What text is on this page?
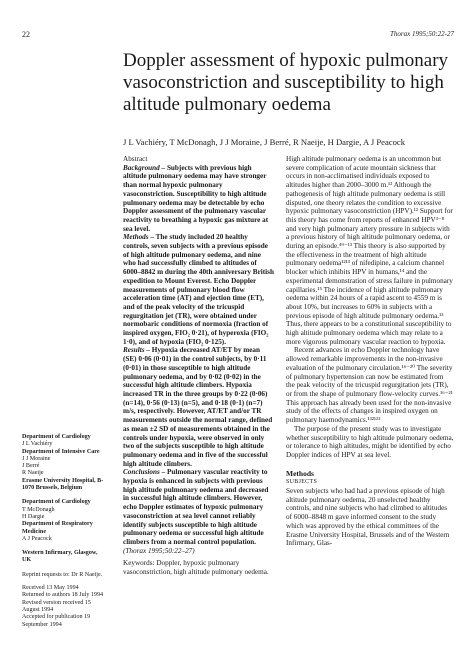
22	Thorax 1995;50:22-27
Doppler assessment of hypoxic pulmonary vasoconstriction and susceptibility to high altitude pulmonary oedema
J L Vachiéry, T McDonagh, J J Moraine, J Berré, R Naeije, H Dargie, A J Peacock
Department of Cardiology
J L Vachiéry
Department of Intensive Care
J J Moraine
J Berré
R Naeije
Erasme University Hospital, B-1070 Brussels, Belgium
Department of Cardiology
T McDonagh
H Dargie
Department of Respiratory Medicine
A J Peacock
Western Infirmary, Glasgow, UK
Reprint requests to: Dr R Naeije.
Received 13 May 1994
Returned to authors 18 July 1994
Revised version received 15 August 1994
Accepted for publication 19 September 1994
Abstract

Background – Subjects with previous high altitude pulmonary oedema may have stronger than normal hypoxic pulmonary vasoconstriction. Susceptibility to high altitude pulmonary oedema may be detectable by echo Doppler assessment of the pulmonary vascular reactivity to breathing a hypoxic gas mixture at sea level.

Methods – The study included 20 healthy controls, seven subjects with a previous episode of high altitude pulmonary oedema, and nine who had successfully climbed to altitudes of 6000–8842 m during the 40th anniversary British expedition to Mount Everest. Echo Doppler measurements of pulmonary blood flow acceleration time (AT) and ejection time (ET), and of the peak velocity of the tricuspid regurgitation jet (TR), were obtained under normobaric conditions of normoxia (fraction of inspired oxygen, FIO₂ 0·21), of hyperoxia (FIO₂ 1·0), and of hypoxia (FIO₂ 0·125).

Results – Hypoxia decreased AT/ET by mean (SE) 0·06 (0·01) in the control subjects, by 0·11 (0·01) in those susceptible to high altitude pulmonary oedema, and by 0·02 (0·02) in the successful high altitude climbers. Hypoxia increased TR in the three groups by 0·22 (0·06) (n=14), 0·56 (0·13) (n=5), and 0·18 (0·1) (n=7) m/s, respectively. However, AT/ET and/or TR measurements outside the normal range, defined as mean ±2 SD of measurements obtained in the controls under hypoxia, were observed in only two of the subjects susceptible to high altitude pulmonary oedema and in five of the successful high altitude climbers.

Conclusions – Pulmonary vascular reactivity to hypoxia is enhanced in subjects with previous high altitude pulmonary oedema and decreased in successful high altitude climbers. However, echo Doppler estimates of hypoxic pulmonary vasoconstriction at sea level cannot reliably identify subjects susceptible to high altitude pulmonary oedema or successful high altitude climbers from a normal control population.

(Thorax 1995;50:22–27)
Keywords: Doppler, hypoxic pulmonary vasoconstriction, high altitude pulmonary oedema.

High altitude pulmonary oedema is an uncommon but severe complication of acute mountain sickness that occurs in non-acclimatised individuals exposed to altitudes higher than 2000–3000 m.¹² Although the pathogenesis of high altitude pulmonary oedema is still disputed, one theory relates the condition to excessive hypoxic pulmonary vasoconstriction (HPV).¹² Support for this theory has come from reports of enhanced HPV³⁻⁸ and very high pulmonary artery pressure in subjects with a previous history of high altitude pulmonary oedema, or during an episode.⁴⁹⁻¹³ This theory is also supported by the effectiveness in the treatment of high altitude pulmonary oedema¹²¹³ of nifedipine, a calcium channel blocker which inhibits HPV in humans,¹⁴ and the experimental demonstration of stress failure in pulmonary capillaries.¹⁵ The incidence of high altitude pulmonary oedema within 24 hours of a rapid ascent to 4559 m is about 10%, but increases to 60% in subjects with a previous episode of high altitude pulmonary oedema.¹³ Thus, there appears to be a constitutional susceptibility to high altitude pulmonary oedema which may relate to a more vigorous pulmonary vascular reaction to hypoxia.

Recent advances in echo Doppler technology have allowed remarkable improvements in the non-invasive evaluation of the pulmonary circulation.¹⁶⁻²⁰ The severity of pulmonary hypertension can now be estimated from the peak velocity of the tricuspid regurgitation jets (TR), or from the shape of pulmonary flow-velocity curves.¹⁶⁻²¹ This approach has already been used for the non-invasive study of the effects of changes in inspired oxygen on pulmonary haemodynamics.¹³²¹²²

The purpose of the present study was to investigate whether susceptibility to high altitude pulmonary oedema, or tolerance to high altitudes, might be identified by echo Doppler indices of HPV at sea level.

Methods
SUBJECTS

Seven subjects who had had a previous episode of high altitude pulmonary oedema, 20 unselected healthy controls, and nine subjects who had climbed to altitudes of 6000–8848 m gave informed consent to the study which was approved by the ethical committees of the Erasme University Hospital, Brussels and of the Western Infirmary, Glas-
